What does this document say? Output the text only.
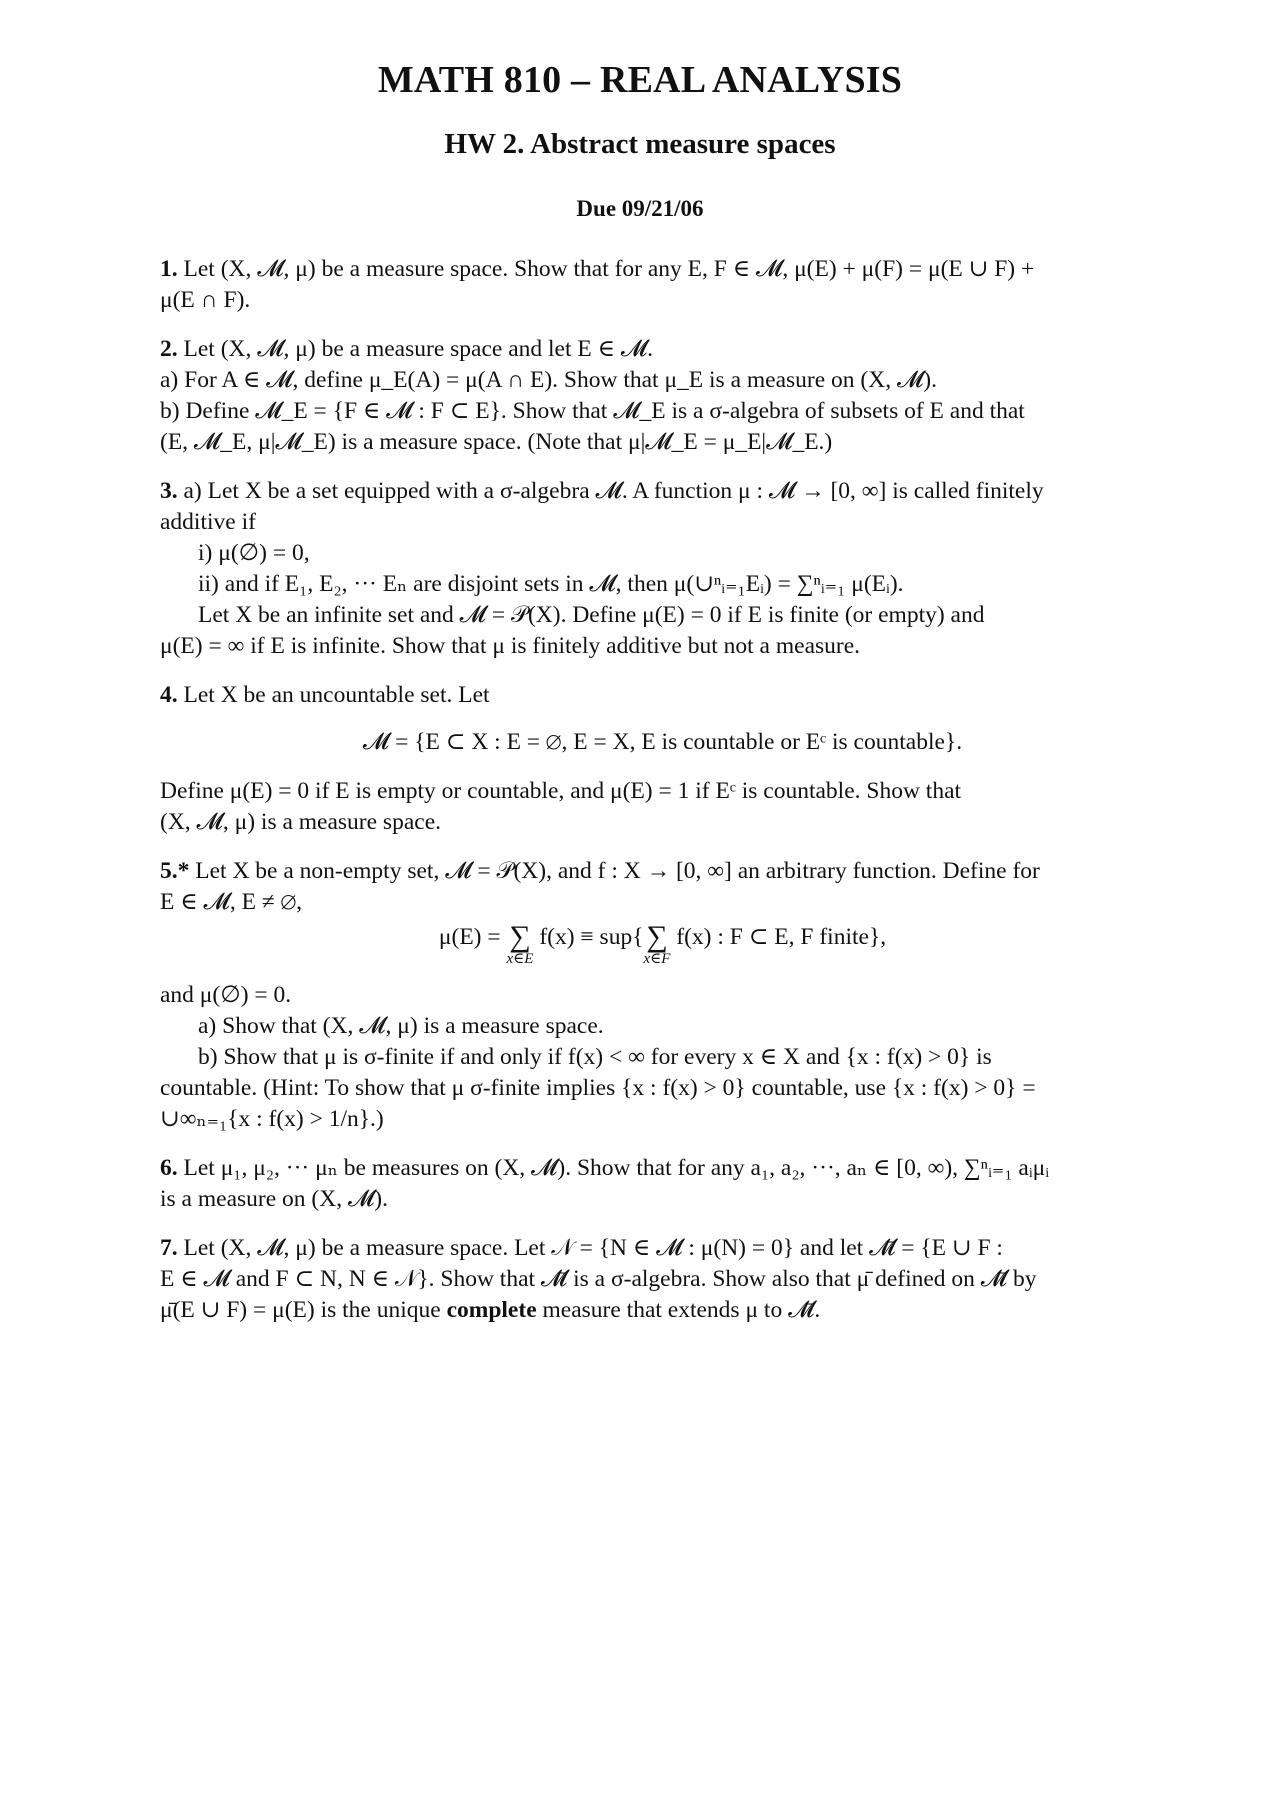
MATH 810 – REAL ANALYSIS
HW 2. Abstract measure spaces
Due 09/21/06
1. Let (X, 𝓜, μ) be a measure space. Show that for any E, F ∈ 𝓜, μ(E) + μ(F) = μ(E ∪ F) +
μ(E ∩ F).
2. Let (X, 𝓜, μ) be a measure space and let E ∈ 𝓜.
a) For A ∈ 𝓜, define μ_E(A) = μ(A ∩ E). Show that μ_E is a measure on (X, 𝓜).
b) Define 𝓜_E = {F ∈ 𝓜 : F ⊂ E}. Show that 𝓜_E is a σ-algebra of subsets of E and that
(E, 𝓜_E, μ|𝓜_E) is a measure space. (Note that μ|𝓜_E = μ_E|𝓜_E.)
3. a) Let X be a set equipped with a σ-algebra 𝓜. A function μ : 𝓜 → [0, ∞] is called finitely
additive if
i) μ(∅) = 0,
ii) and if E₁, E₂, ··· Eₙ are disjoint sets in 𝓜, then μ(∪ⁿᵢ₌₁Eᵢ) = ∑ⁿᵢ₌₁ μ(Eᵢ).
Let X be an infinite set and 𝓜 = 𝒫(X). Define μ(E) = 0 if E is finite (or empty) and
μ(E) = ∞ if E is infinite. Show that μ is finitely additive but not a measure.
4. Let X be an uncountable set. Let
𝓜 = {E ⊂ X : E = ∅, E = X, E is countable or Eᶜ is countable}.
Define μ(E) = 0 if E is empty or countable, and μ(E) = 1 if Eᶜ is countable. Show that
(X, 𝓜, μ) is a measure space.
5.* Let X be a non-empty set, 𝓜 = 𝒫(X), and f : X → [0, ∞] an arbitrary function. Define for
E ∈ 𝓜, E ≠ ∅,
μ(E) = ∑
x∈E
f(x) ≡ sup{ ∑
x∈F
f(x) : F ⊂ E, F finite},
and μ(∅) = 0.
a) Show that (X, 𝓜, μ) is a measure space.
b) Show that μ is σ-finite if and only if f(x) < ∞ for every x ∈ X and {x : f(x) > 0} is
countable. (Hint: To show that μ σ-finite implies {x : f(x) > 0} countable, use {x : f(x) > 0} =
∪∞ₙ₌₁{x : f(x) > 1/n}.)
6. Let μ₁, μ₂, ··· μₙ be measures on (X, 𝓜). Show that for any a₁, a₂, ···, aₙ ∈ [0, ∞), ∑ⁿᵢ₌₁ aᵢμᵢ
is a measure on (X, 𝓜).
7. Let (X, 𝓜, μ) be a measure space. Let 𝒩 = {N ∈ 𝓜 : μ(N) = 0} and let 𝓜̄ = {E ∪ F :
E ∈ 𝓜 and F ⊂ N, N ∈ 𝒩}. Show that 𝓜̄ is a σ-algebra. Show also that μ̄ defined on 𝓜̄ by
μ̄(E ∪ F) = μ(E) is the unique complete measure that extends μ to 𝓜̄.
